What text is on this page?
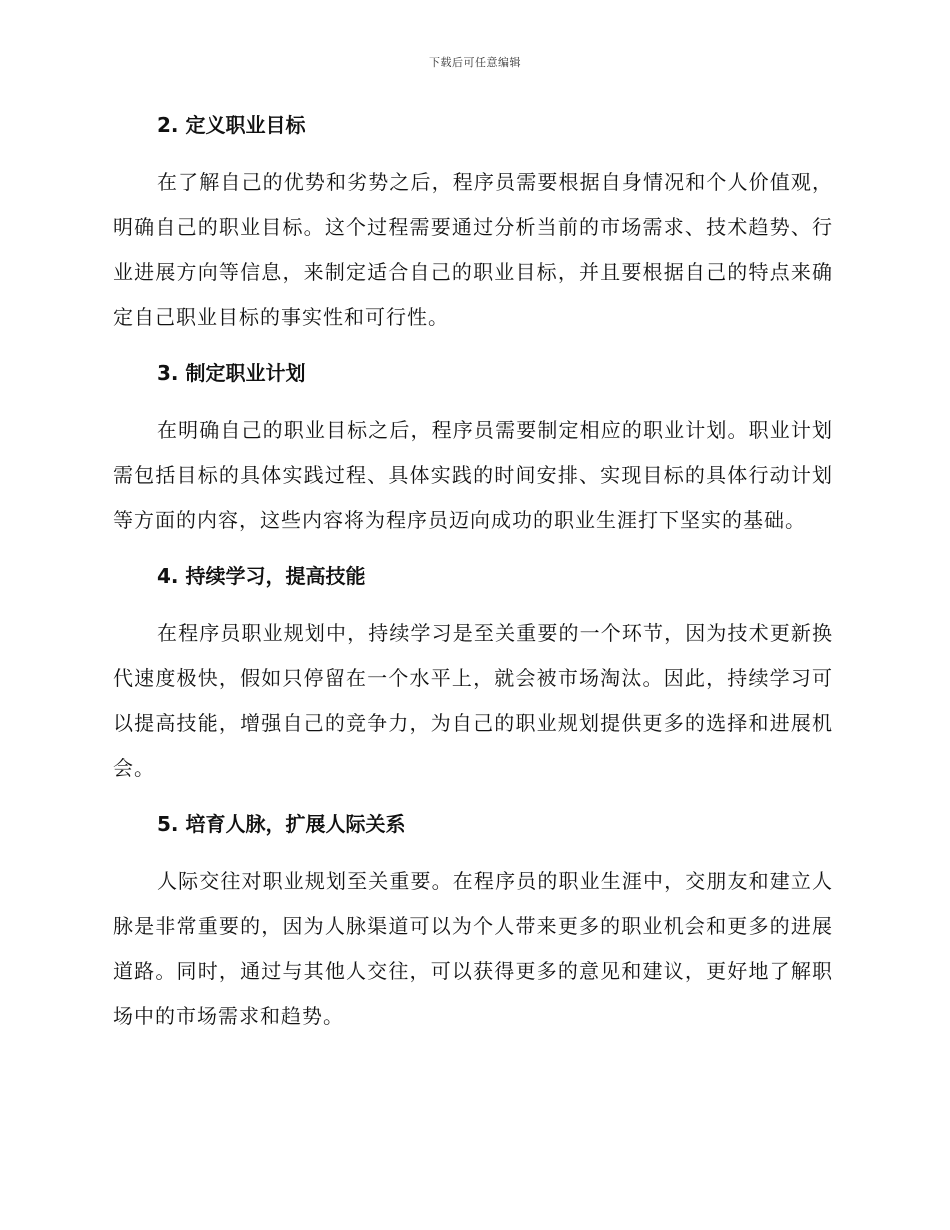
下载后可任意编辑
2. 定义职业目标

在了解自己的优势和劣势之后，程序员需要根据自身情况和个人价值观，明确自己的职业目标。这个过程需要通过分析当前的市场需求、技术趋势、行业进展方向等信息，来制定适合自己的职业目标，并且要根据自己的特点来确定自己职业目标的事实性和可行性。

3. 制定职业计划

在明确自己的职业目标之后，程序员需要制定相应的职业计划。职业计划需包括目标的具体实践过程、具体实践的时间安排、实现目标的具体行动计划等方面的内容，这些内容将为程序员迈向成功的职业生涯打下坚实的基础。

4. 持续学习，提高技能

在程序员职业规划中，持续学习是至关重要的一个环节，因为技术更新换代速度极快，假如只停留在一个水平上，就会被市场淘汰。因此，持续学习可以提高技能，增强自己的竞争力，为自己的职业规划提供更多的选择和进展机会。

5. 培育人脉，扩展人际关系

人际交往对职业规划至关重要。在程序员的职业生涯中，交朋友和建立人脉是非常重要的，因为人脉渠道可以为个人带来更多的职业机会和更多的进展道路。同时，通过与其他人交往，可以获得更多的意见和建议，更好地了解职场中的市场需求和趋势。
